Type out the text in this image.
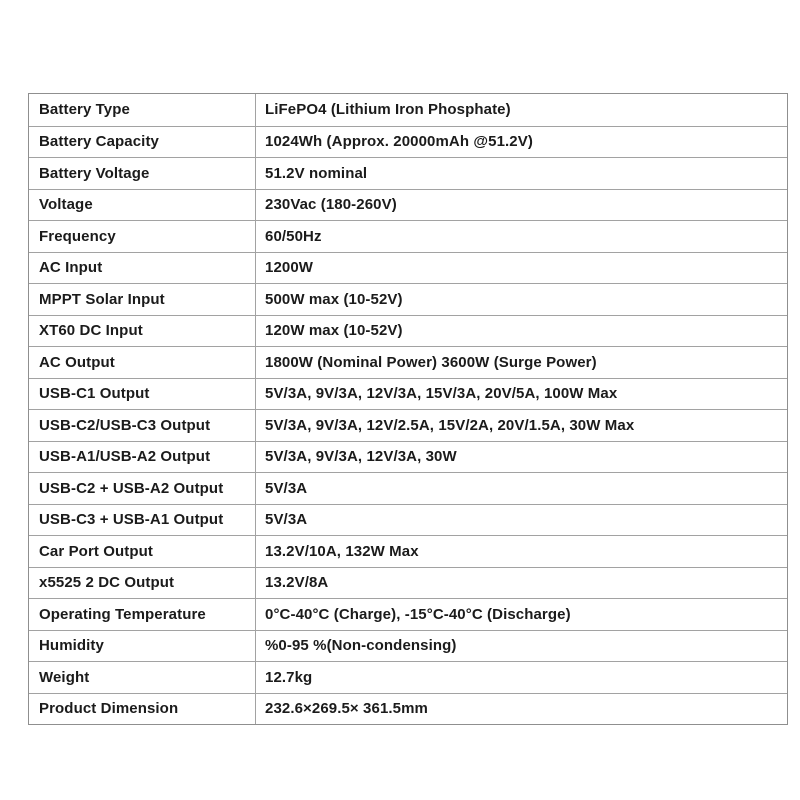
Battery Type	LiFePO4 (Lithium Iron Phosphate)
Battery Capacity	1024Wh (Approx. 20000mAh @51.2V)
Battery Voltage	51.2V nominal
Voltage	230Vac (180-260V)
Frequency	60/50Hz
AC Input	1200W
MPPT Solar Input	500W max (10-52V)
XT60 DC Input	120W max (10-52V)
AC Output	1800W (Nominal Power) 3600W (Surge Power)
USB-C1 Output	5V/3A, 9V/3A, 12V/3A, 15V/3A, 20V/5A, 100W Max
USB-C2/USB-C3 Output	5V/3A, 9V/3A, 12V/2.5A, 15V/2A, 20V/1.5A, 30W Max
USB-A1/USB-A2 Output	5V/3A, 9V/3A, 12V/3A, 30W
USB-C2 + USB-A2 Output	5V/3A
USB-C3 + USB-A1 Output	5V/3A
Car Port Output	13.2V/10A, 132W Max
x5525 2 DC Output	13.2V/8A
Operating Temperature	0°C-40°C (Charge), -15°C-40°C (Discharge)
Humidity	%0-95 %(Non-condensing)
Weight	12.7kg
Product Dimension	232.6×269.5× 361.5mm
